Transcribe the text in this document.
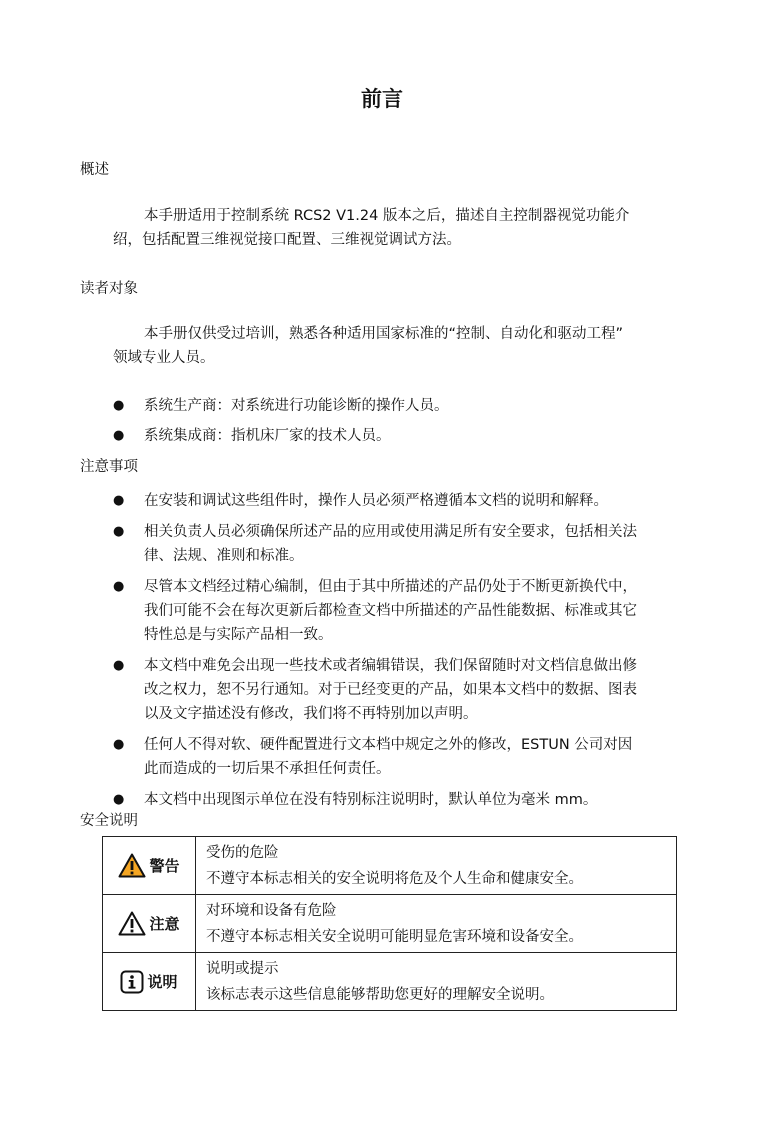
前言
概述
本手册适用于控制系统 RCS2 V1.24 版本之后，描述自主控制器视觉功能介
绍，包括配置三维视觉接口配置、三维视觉调试方法。
读者对象
本手册仅供受过培训，熟悉各种适用国家标准的“控制、自动化和驱动工程”
领域专业人员。
● 系统生产商：对系统进行功能诊断的操作人员。
● 系统集成商：指机床厂家的技术人员。
注意事项
● 在安装和调试这些组件时，操作人员必须严格遵循本文档的说明和解释。
● 相关负责人员必须确保所述产品的应用或使用满足所有安全要求，包括相关法
律、法规、准则和标准。
● 尽管本文档经过精心编制，但由于其中所描述的产品仍处于不断更新换代中，
我们可能不会在每次更新后都检查文档中所描述的产品性能数据、标准或其它
特性总是与实际产品相一致。
● 本文档中难免会出现一些技术或者编辑错误，我们保留随时对文档信息做出修
改之权力，恕不另行通知。对于已经变更的产品，如果本文档中的数据、图表
以及文字描述没有修改，我们将不再特别加以声明。
● 任何人不得对软、硬件配置进行文本档中规定之外的修改，ESTUN 公司对因
此而造成的一切后果不承担任何责任。
● 本文档中出现图示单位在没有特别标注说明时，默认单位为毫米 mm。
安全说明
警告	受伤的危险
不遵守本标志相关的安全说明将危及个人生命和健康安全。

注意	对环境和设备有危险
不遵守本标志相关安全说明可能明显危害环境和设备安全。

说明	说明或提示
该标志表示这些信息能够帮助您更好的理解安全说明。
